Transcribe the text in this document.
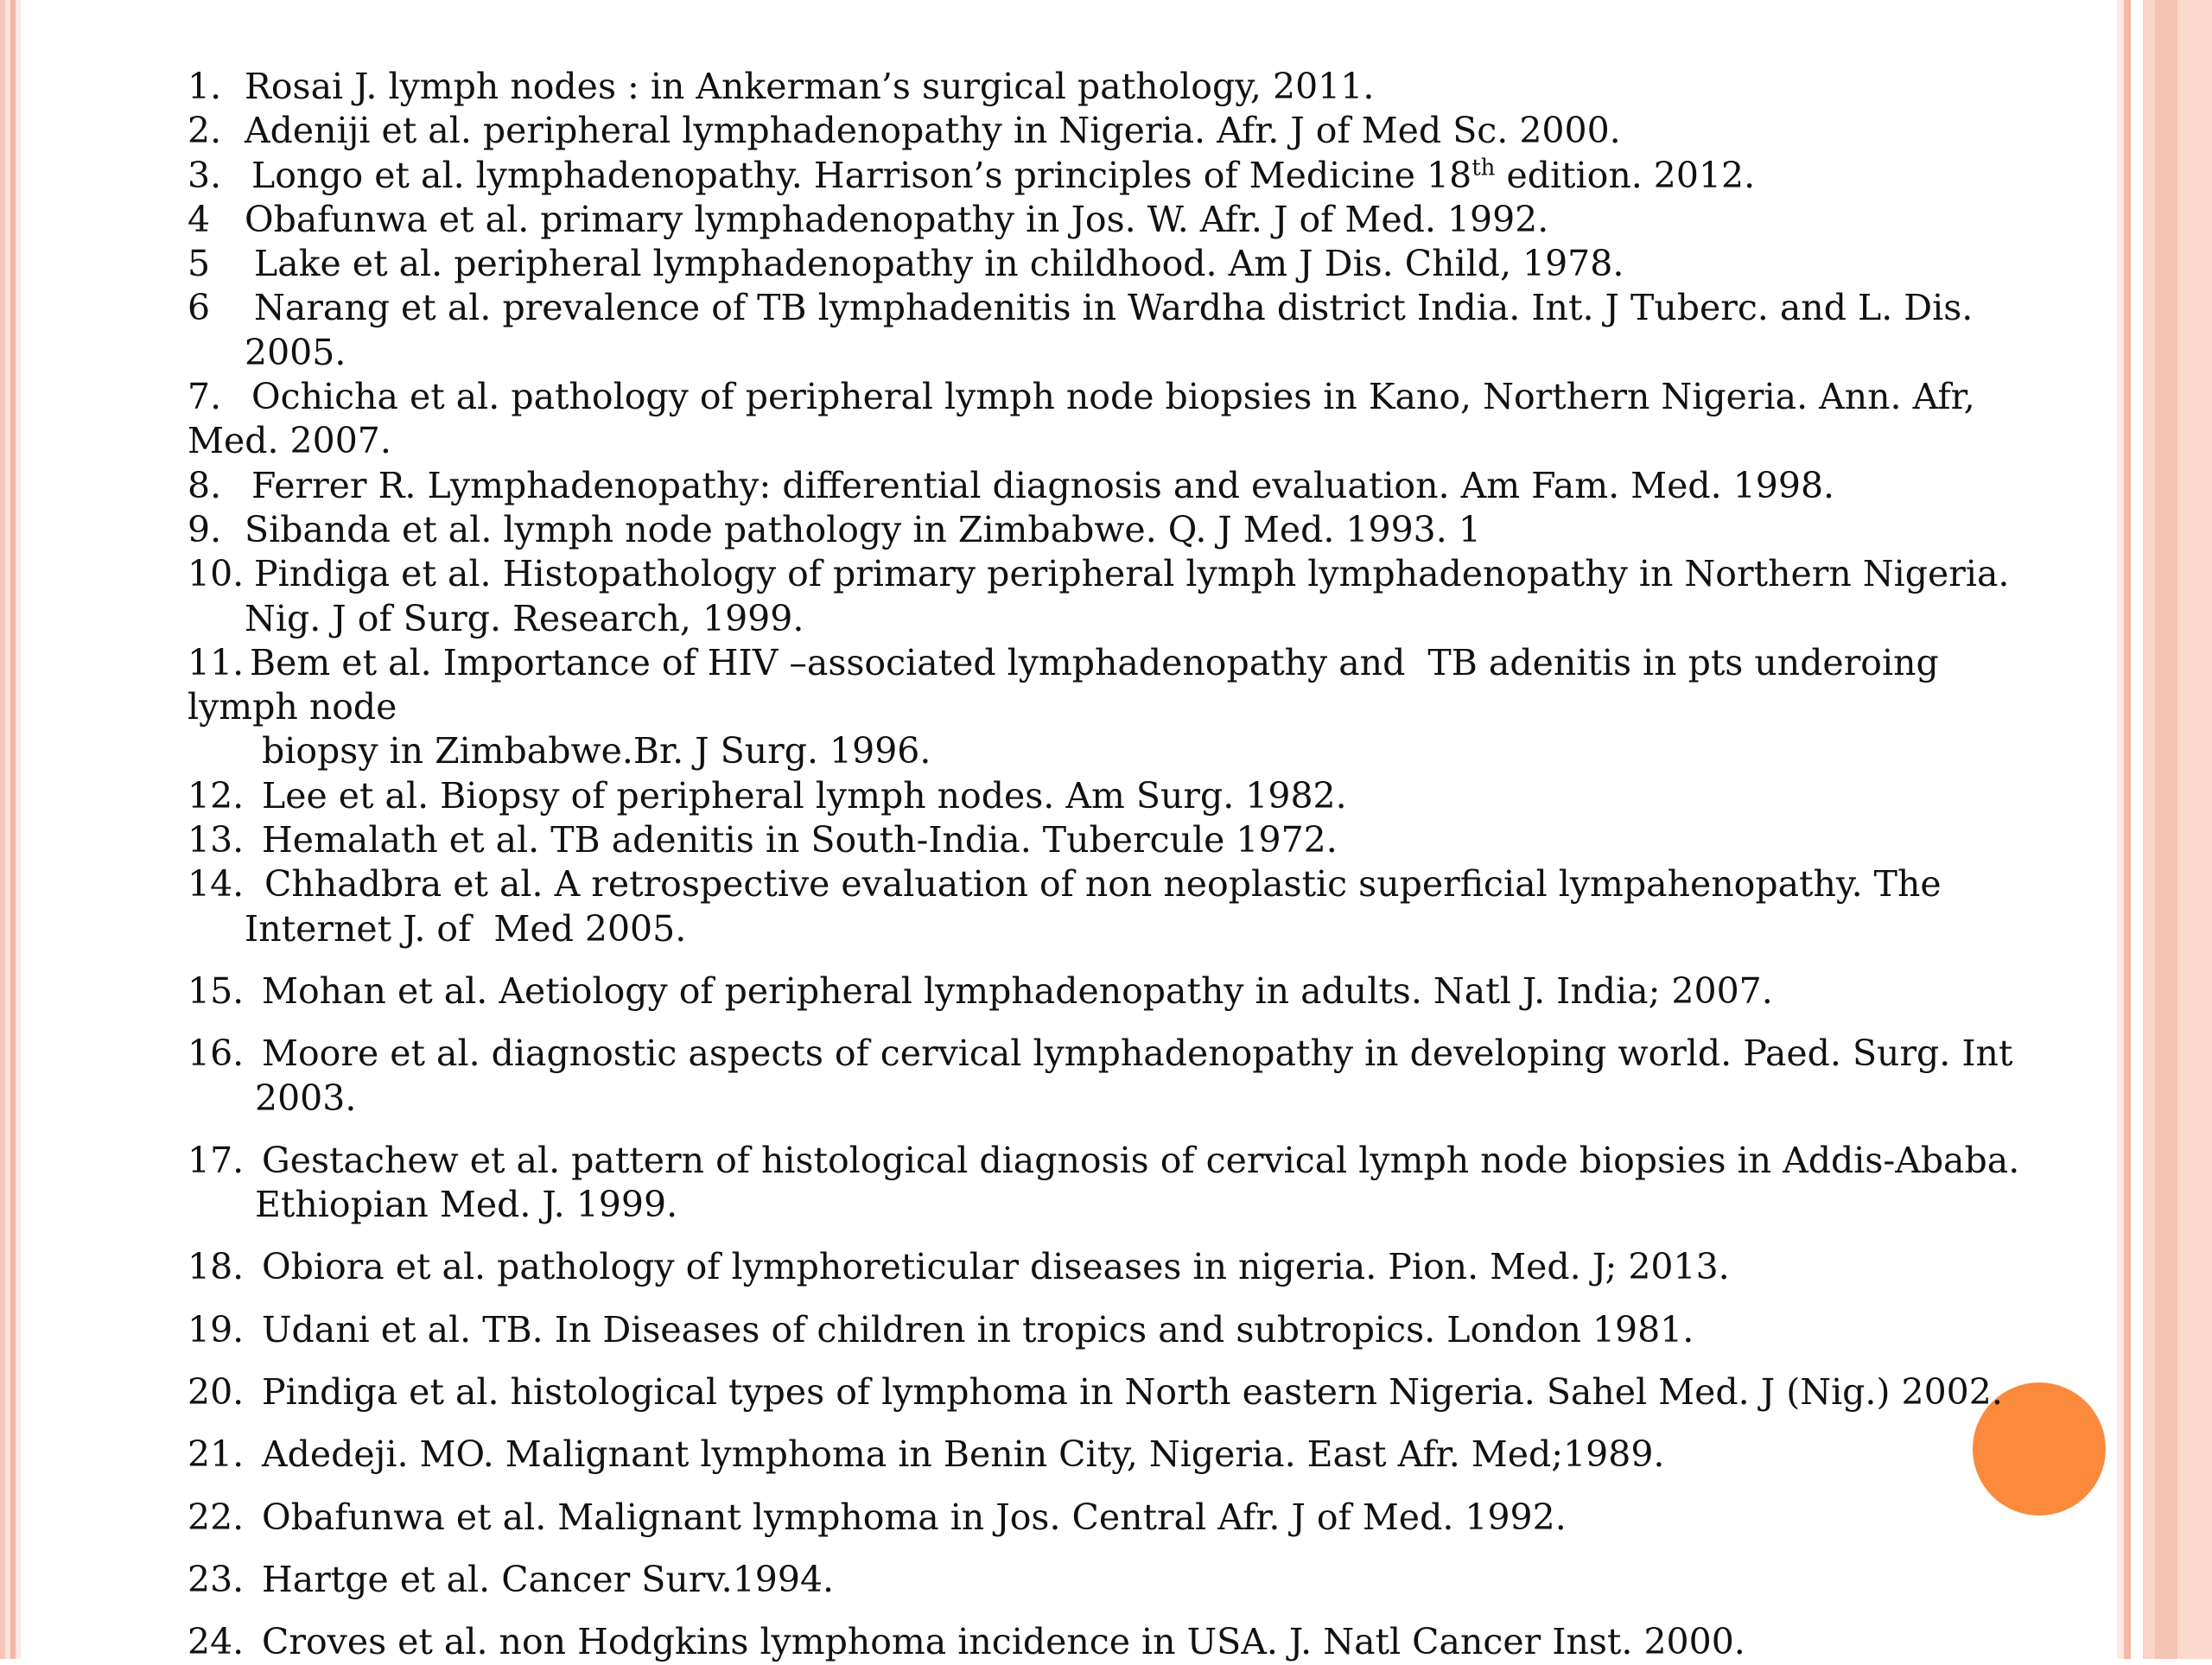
1. Rosai J. lymph nodes : in Ankerman’s surgical pathology, 2011.
2. Adeniji et al. peripheral lymphadenopathy in Nigeria. Afr. J of Med Sc. 2000.
3. Longo et al. lymphadenopathy. Harrison’s principles of Medicine 18th edition. 2012.
4 Obafunwa et al. primary lymphadenopathy in Jos. W. Afr. J of Med. 1992.
5 Lake et al. peripheral lymphadenopathy in childhood. Am J Dis. Child, 1978.
6 Narang et al. prevalence of TB lymphadenitis in Wardha district India. Int. J Tuberc. and L. Dis.
2005.
7. Ochicha et al. pathology of peripheral lymph node biopsies in Kano, Northern Nigeria. Ann. Afr,
Med. 2007.
8. Ferrer R. Lymphadenopathy: differential diagnosis and evaluation. Am Fam. Med. 1998.
9. Sibanda et al. lymph node pathology in Zimbabwe. Q. J Med. 1993. 1
10. Pindiga et al. Histopathology of primary peripheral lymph lymphadenopathy in Northern Nigeria.
Nig. J of Surg. Research, 1999.
11. Bem et al. Importance of HIV –associated lymphadenopathy and  TB adenitis in pts underoing
lymph node
biopsy in Zimbabwe.Br. J Surg. 1996.
12. Lee et al. Biopsy of peripheral lymph nodes. Am Surg. 1982.
13. Hemalath et al. TB adenitis in South-India. Tubercule 1972.
14. Chhadbra et al. A retrospective evaluation of non neoplastic superficial lympahenopathy. The
Internet J. of  Med 2005.
15. Mohan et al. Aetiology of peripheral lymphadenopathy in adults. Natl J. India; 2007.
16. Moore et al. diagnostic aspects of cervical lymphadenopathy in developing world. Paed. Surg. Int
2003.
17. Gestachew et al. pattern of histological diagnosis of cervical lymph node biopsies in Addis-Ababa.
Ethiopian Med. J. 1999.
18. Obiora et al. pathology of lymphoreticular diseases in nigeria. Pion. Med. J; 2013.
19. Udani et al. TB. In Diseases of children in tropics and subtropics. London 1981.
20. Pindiga et al. histological types of lymphoma in North eastern Nigeria. Sahel Med. J (Nig.) 2002.
21. Adedeji. MO. Malignant lymphoma in Benin City, Nigeria. East Afr. Med;1989.
22. Obafunwa et al. Malignant lymphoma in Jos. Central Afr. J of Med. 1992.
23. Hartge et al. Cancer Surv.1994.
24. Croves et al. non Hodgkins lymphoma incidence in USA. J. Natl Cancer Inst. 2000.
